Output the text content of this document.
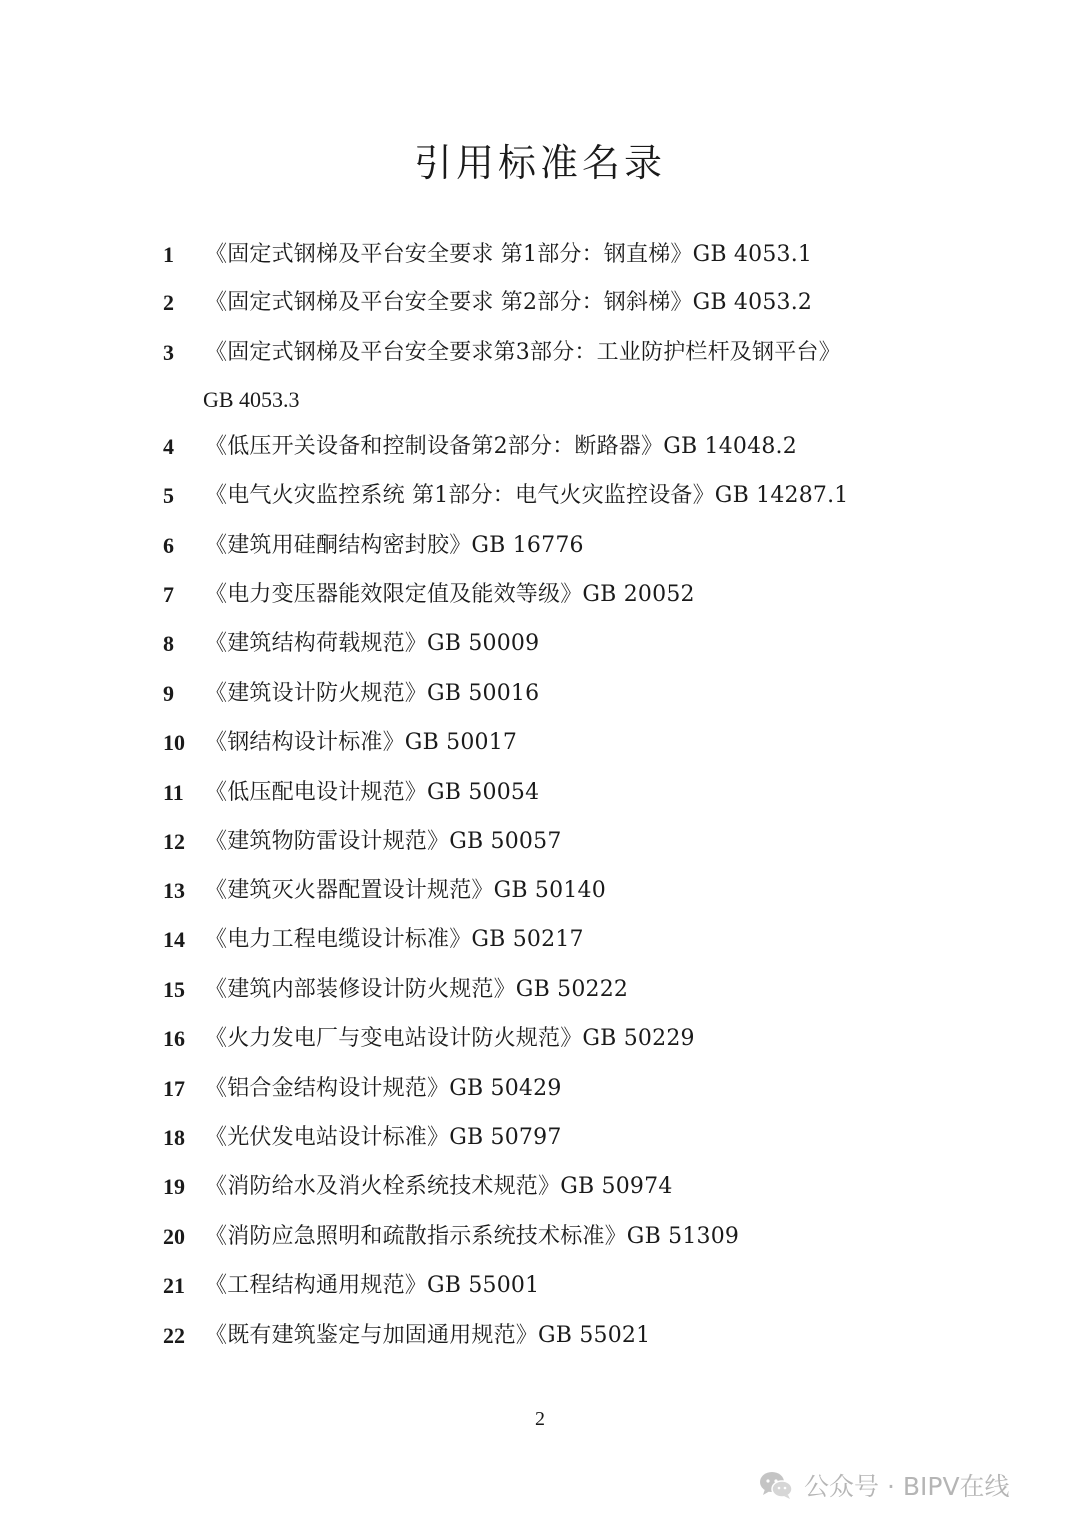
引用标准名录
1 《固定式钢梯及平台安全要求 第1部分：钢直梯》GB 4053.1
2 《固定式钢梯及平台安全要求 第2部分：钢斜梯》GB 4053.2
3 《固定式钢梯及平台安全要求第3部分：工业防护栏杆及钢平台》
GB 4053.3
4 《低压开关设备和控制设备第2部分：断路器》GB 14048.2
5 《电气火灾监控系统 第1部分：电气火灾监控设备》GB 14287.1
6 《建筑用硅酮结构密封胶》GB 16776
7 《电力变压器能效限定值及能效等级》GB 20052
8 《建筑结构荷载规范》GB 50009
9 《建筑设计防火规范》GB 50016
10 《钢结构设计标准》GB 50017
11 《低压配电设计规范》GB 50054
12 《建筑物防雷设计规范》GB 50057
13 《建筑灭火器配置设计规范》GB 50140
14 《电力工程电缆设计标准》GB 50217
15 《建筑内部装修设计防火规范》GB 50222
16 《火力发电厂与变电站设计防火规范》GB 50229
17 《铝合金结构设计规范》GB 50429
18 《光伏发电站设计标准》GB 50797
19 《消防给水及消火栓系统技术规范》GB 50974
20 《消防应急照明和疏散指示系统技术标准》GB 51309
21 《工程结构通用规范》GB 55001
22 《既有建筑鉴定与加固通用规范》GB 55021
2
公众号 · BIPV在线
